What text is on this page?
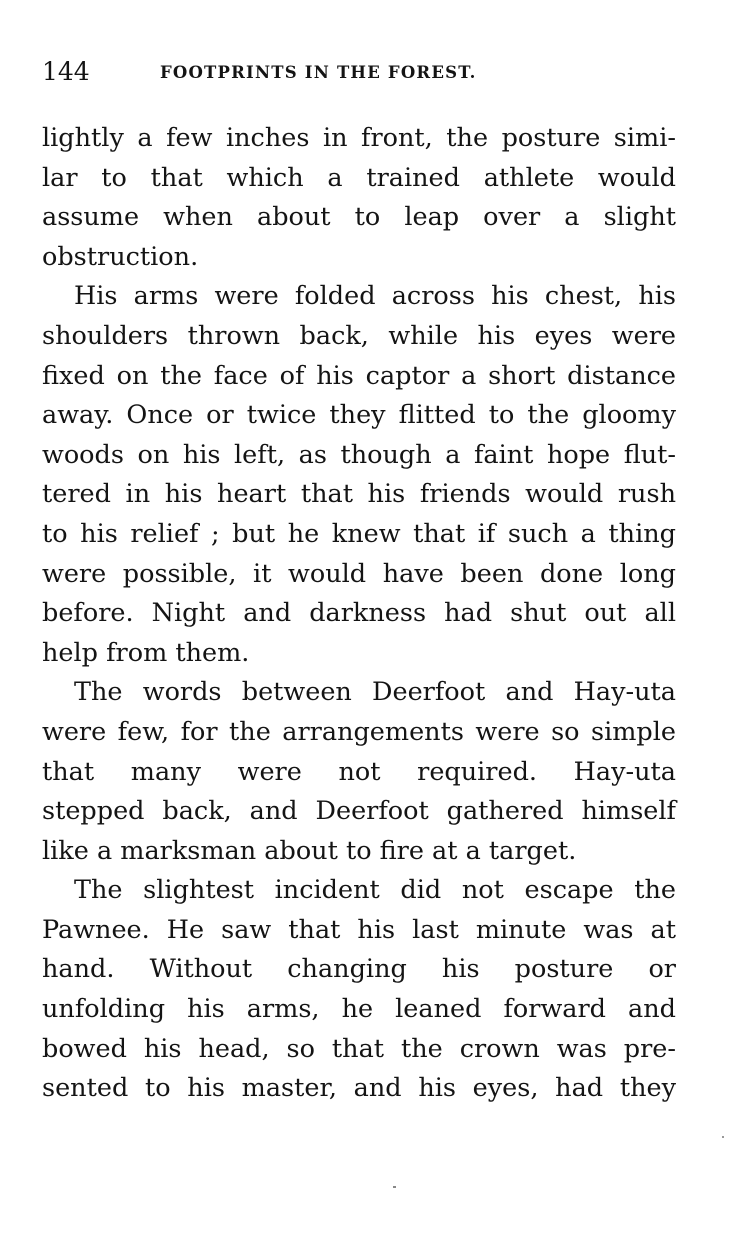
144	FOOTPRINTS IN THE FOREST.

lightly a few inches in front, the posture simi-
lar to that which a trained athlete would
assume when about to leap over a slight
obstruction.

His arms were folded across his chest, his
shoulders thrown back, while his eyes were
fixed on the face of his captor a short distance
away. Once or twice they flitted to the gloomy
woods on his left, as though a faint hope flut-
tered in his heart that his friends would rush
to his relief ; but he knew that if such a thing
were possible, it would have been done long
before. Night and darkness had shut out all
help from them.

The words between Deerfoot and Hay-uta
were few, for the arrangements were so simple
that many were not required. Hay-uta
stepped back, and Deerfoot gathered himself
like a marksman about to fire at a target.

The slightest incident did not escape the
Pawnee. He saw that his last minute was at
hand. Without changing his posture or
unfolding his arms, he leaned forward and
bowed his head, so that the crown was pre-
sented to his master, and his eyes, had they
